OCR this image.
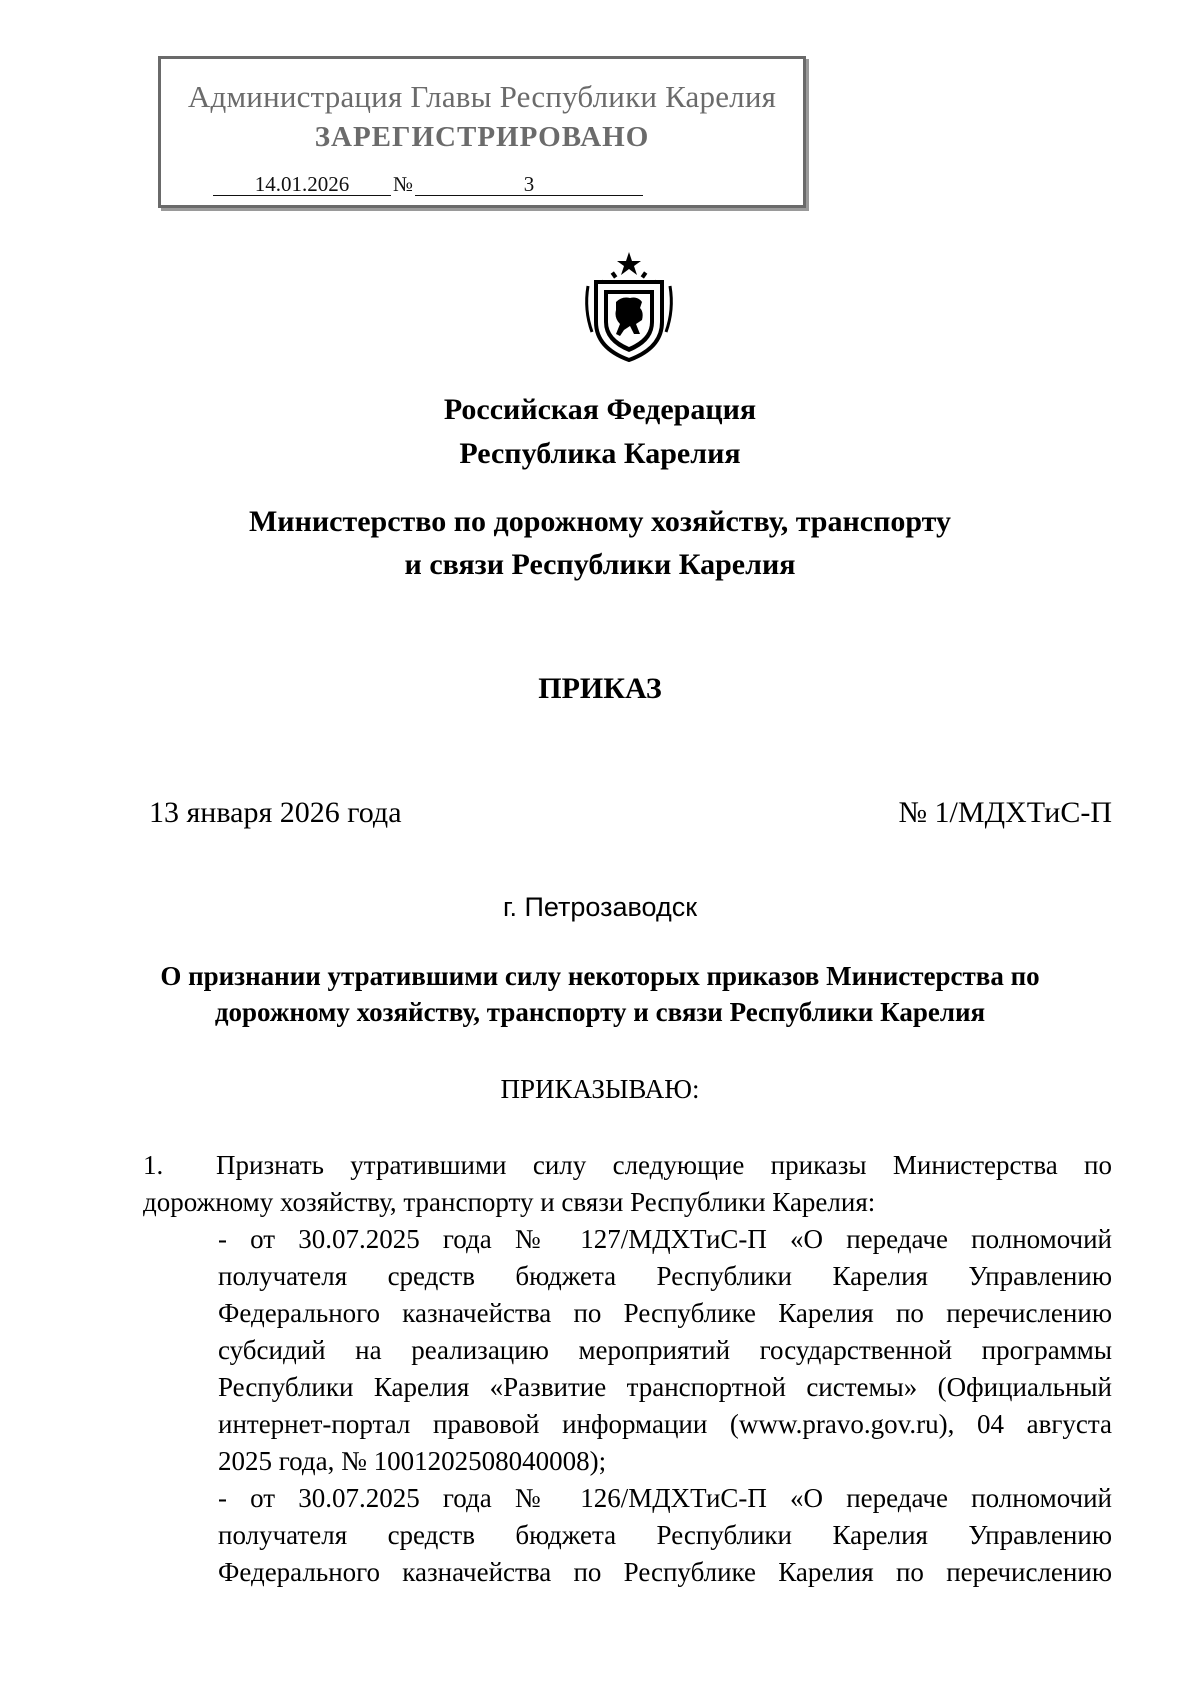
Администрация Главы Республики Карелия
ЗАРЕГИСТРИРОВАНО
14.01.2026 №	3
Российская Федерация
Республика Карелия
Министерство по дорожному хозяйству, транспорту
и связи Республики Карелия
ПРИКАЗ
13 января 2026 года	№ 1/МДХТиС-П
г. Петрозаводск
О признании утратившими силу некоторых приказов Министерства по
дорожному хозяйству, транспорту и связи Республики Карелия
ПРИКАЗЫВАЮ:
1. Признать утратившими силу следующие приказы Министерства по
дорожному хозяйству, транспорту и связи Республики Карелия:
- от 30.07.2025 года № 127/МДХТиС-П «О передаче полномочий
получателя средств бюджета Республики Карелия Управлению
Федерального казначейства по Республике Карелия по перечислению
субсидий на реализацию мероприятий государственной программы
Республики Карелия «Развитие транспортной системы» (Официальный
интернет-портал правовой информации (www.pravo.gov.ru), 04 августа
2025 года, № 1001202508040008);
- от 30.07.2025 года № 126/МДХТиС-П «О передаче полномочий
получателя средств бюджета Республики Карелия Управлению
Федерального казначейства по Республике Карелия по перечислению
